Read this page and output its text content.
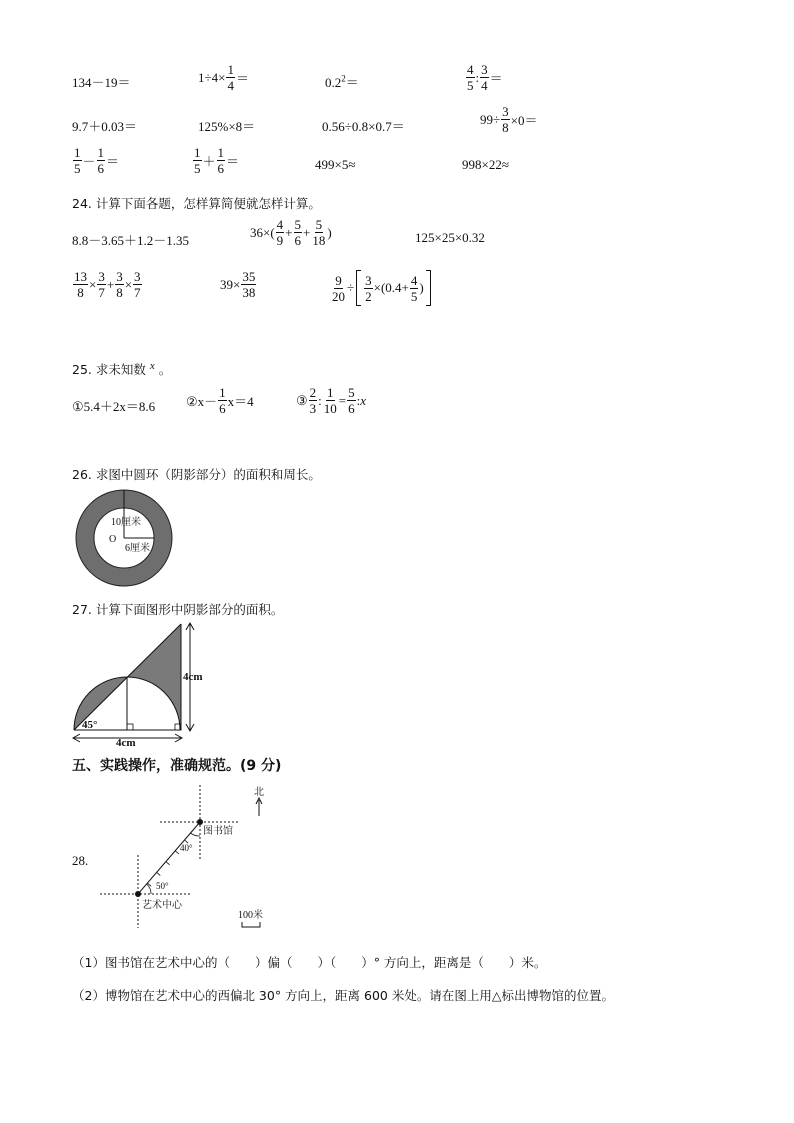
134－19＝	$1\div 4\times \frac{1}{4}$ ＝	$0.2^2=$	$\frac{4}{5}$ : $\frac{3}{4}$ ＝
9.7＋0.03＝	125%×8＝	0.56÷0.8×0.7＝	$99\div \frac{3}{8} \times 0=$
$\frac{1}{5} - \frac{1}{6}$ ＝	$\frac{1}{5} + \frac{1}{6}$ ＝	499×5≈	998×22≈
24. 计算下面各题，怎样算简便就怎样计算。
8.8－3.65＋1.2－1.35
$36\times( \frac{4}{9} + \frac{5}{6} + \frac{5}{18}$ )	125×25×0.32
$\frac{13}{8} \times \frac{3}{7} + \frac{3}{8} \times \frac{3}{7}$	$39\times \frac{35}{38}$	$\frac{9}{20} \div \frac{3}{2} \times(0.4+ \frac{4}{5}$ )
25. 求未知数 x 。
①5.4＋2x＝8.6 ②x－ $\frac{1}{6} x=4$	③ $\frac{2}{3}$ : $\frac{1}{10} = \frac{5}{6}$ : x
26. 求图中圆环（阴影部分）的面积和周长。
10厘米
O
6厘米
27. 计算下面图形中阴影部分的面积。
4cm
4cm
45°
五、实践操作，准确规范。(9 分)
28.
图书馆
艺术中心
40°
50°
北
100米
（1）图书馆在艺术中心的（　　）偏（　　）（　　）° 方向上，距离是（　　）米。
（2）博物馆在艺术中心的西偏北 30° 方向上，距离 600 米处。请在图上用△标出博物馆的位置。
